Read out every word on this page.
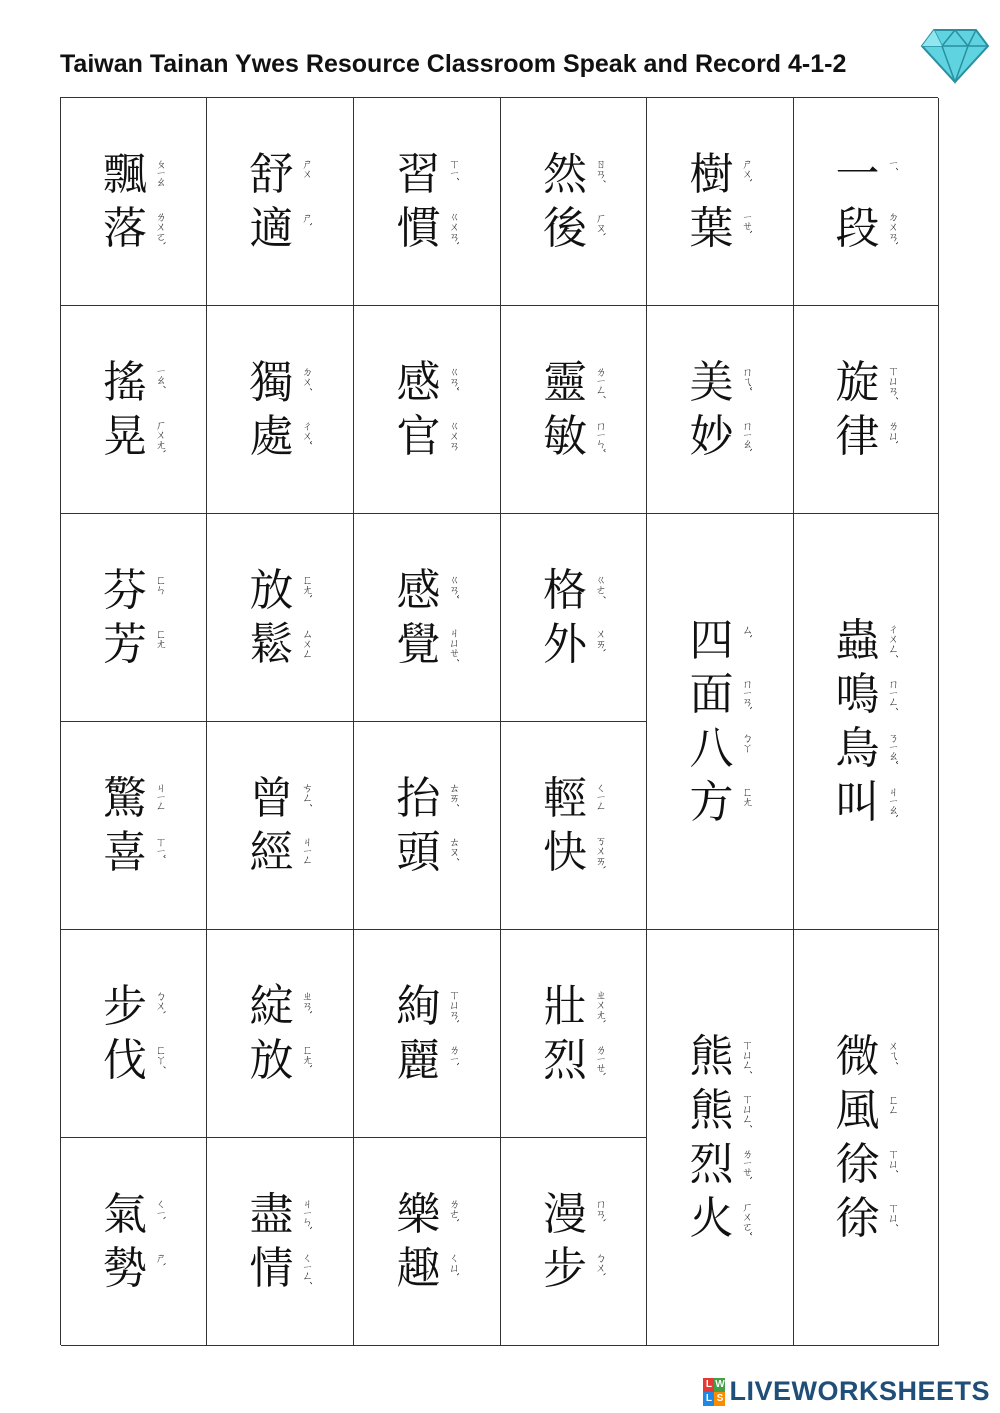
Taiwan Tainan Ywes Resource Classroom Speak and Record 4-1-2
飄 ㄆㄧㄠ
落 ㄌㄨㄛˋ
舒 ㄕㄨ
適 ㄕˋ
習 ㄒㄧˊ
慣 ㄍㄨㄢˋ
然 ㄖㄢˊ
後 ㄏㄡˋ
樹 ㄕㄨˋ
葉 ㄧㄝˋ
一 ㄧˊ
段 ㄉㄨㄢˋ
搖 ㄧㄠˊ
晃 ㄏㄨㄤˋ
獨 ㄉㄨˊ
處 ㄔㄨˇ
感 ㄍㄢˇ
官 ㄍㄨㄢ
靈 ㄌㄧㄥˊ
敏 ㄇㄧㄣˇ
美 ㄇㄟˇ
妙 ㄇㄧㄠˋ
旋 ㄒㄩㄢˊ
律 ㄌㄩˋ
芬 ㄈㄣ
芳 ㄈㄤ
放 ㄈㄤˋ
鬆 ㄙㄨㄥ
感 ㄍㄢˇ
覺 ㄐㄩㄝˊ
格 ㄍㄜˊ
外 ㄨㄞˋ 四 ㄙˋ
面 ㄇㄧㄢˋ
八 ㄅㄚ
方 ㄈㄤ
蟲 ㄔㄨㄥˊ
鳴 ㄇㄧㄥˊ
鳥 ㄋㄧㄠˇ
叫 ㄐㄧㄠˋ
驚 ㄐㄧㄥ
喜 ㄒㄧˇ
曾 ㄘㄥˊ
經 ㄐㄧㄥ
抬 ㄊㄞˊ
頭 ㄊㄡˊ
輕 ㄑㄧㄥ
快 ㄎㄨㄞˋ
步 ㄅㄨˋ
伐 ㄈㄚˊ
綻 ㄓㄢˋ
放 ㄈㄤˋ
絢 ㄒㄩㄢˋ
麗 ㄌㄧˋ
壯 ㄓㄨㄤˋ
烈 ㄌㄧㄝˋ 熊 ㄒㄩㄥˊ
熊 ㄒㄩㄥˊ
烈 ㄌㄧㄝˋ
火 ㄏㄨㄛˇ
微 ㄨㄟˊ
風 ㄈㄥ
徐 ㄒㄩˊ
徐 ㄒㄩˊ
氣 ㄑㄧˋ
勢 ㄕˋ
盡 ㄐㄧㄣˋ
情 ㄑㄧㄥˊ
樂 ㄌㄜˋ
趣 ㄑㄩˋ
漫 ㄇㄢˋ
步 ㄅㄨˋ
L W
L S LIVEWORKSHEETS
